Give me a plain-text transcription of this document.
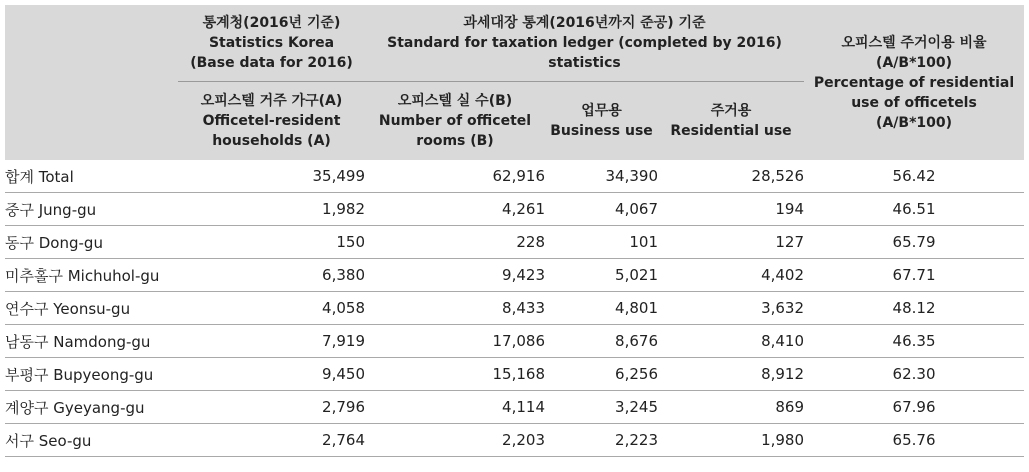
	통계청(2016년 기준)
Statistics Korea
(Base data for 2016)	과세대장 통계(2016년까지 준공) 기준
Standard for taxation ledger (completed by 2016)
statistics			오피스텔 주거이용 비율
(A/B*100)
Percentage of residential
use of officetels
(A/B*100)

	오피스텔 거주 가구(A)
Officetel-resident
households (A)	오피스텔 실 수(B)
Number of officetel
rooms (B)	업무용
Business use	주거용
Residential use	

합계 Total	35,499	62,916	34,390	28,526	56.42
중구 Jung-gu	1,982	4,261	4,067	194	46.51
동구 Dong-gu	150	228	101	127	65.79
미추홀구 Michuhol-gu	6,380	9,423	5,021	4,402	67.71
연수구 Yeonsu-gu	4,058	8,433	4,801	3,632	48.12
남동구 Namdong-gu	7,919	17,086	8,676	8,410	46.35
부평구 Bupyeong-gu	9,450	15,168	6,256	8,912	62.30
계양구 Gyeyang-gu	2,796	4,114	3,245	869	67.96
서구 Seo-gu	2,764	2,203	2,223	1,980	65.76
